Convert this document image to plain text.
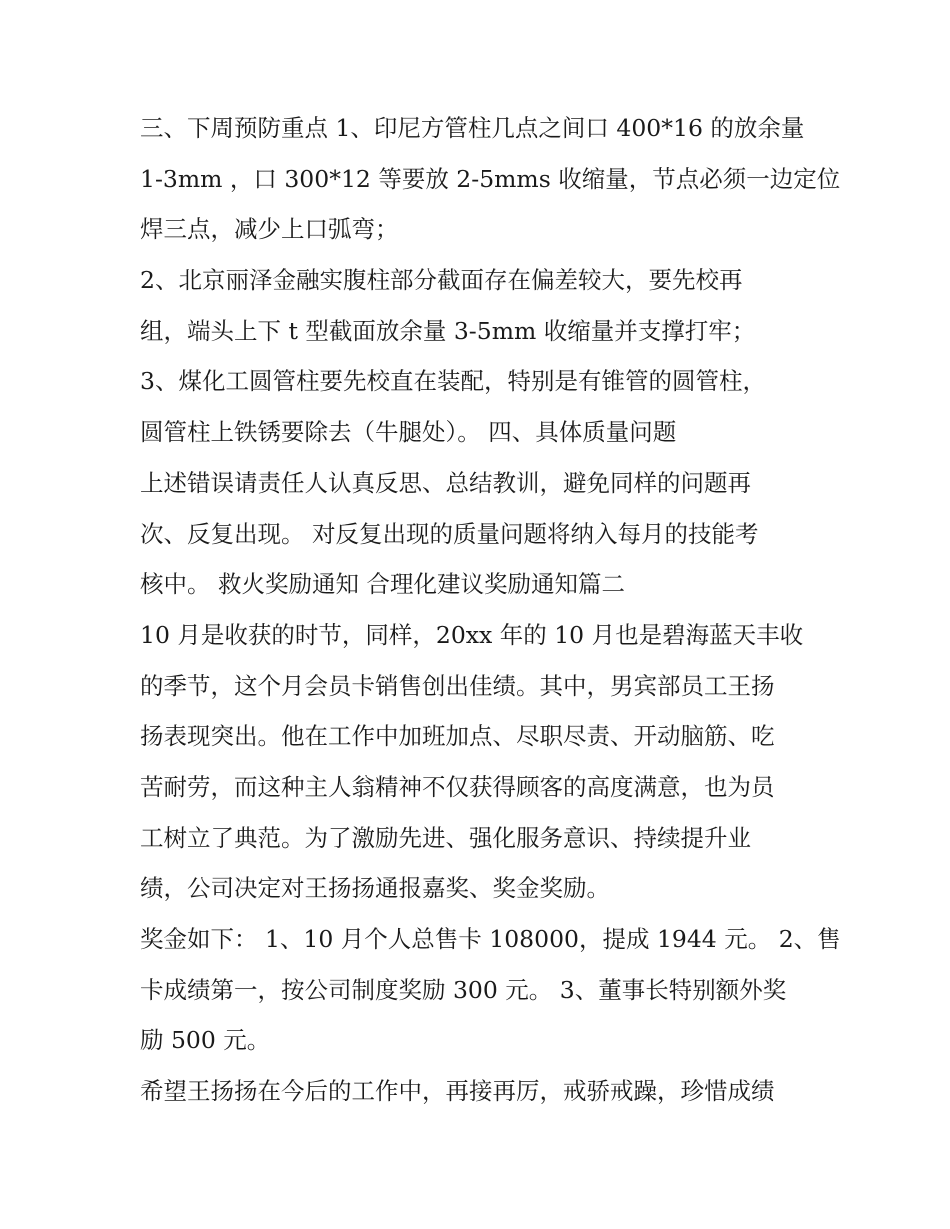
三、下周预防重点 1、印尼方管柱几点之间口 400*16 的放余量

1-3mm ，口 300*12 等要放 2-5mms 收缩量，节点必须一边定位

焊三点，减少上口弧弯；

2、北京丽泽金融实腹柱部分截面存在偏差较大，要先校再

组，端头上下 t 型截面放余量 3-5mm 收缩量并支撑打牢；

3、煤化工圆管柱要先校直在装配，特别是有锥管的圆管柱，

圆管柱上铁锈要除去（牛腿处）。 四、具体质量问题

上述错误请责任人认真反思、总结教训，避免同样的问题再

次、反复出现。 对反复出现的质量问题将纳入每月的技能考

核中。 救火奖励通知 合理化建议奖励通知篇二

10 月是收获的时节，同样，20xx 年的 10 月也是碧海蓝天丰收

的季节，这个月会员卡销售创出佳绩。其中，男宾部员工王扬

扬表现突出。他在工作中加班加点、尽职尽责、开动脑筋、吃

苦耐劳，而这种主人翁精神不仅获得顾客的高度满意，也为员

工树立了典范。为了激励先进、强化服务意识、持续提升业

绩，公司决定对王扬扬通报嘉奖、奖金奖励。

奖金如下： 1、10 月个人总售卡 108000，提成 1944 元。 2、售

卡成绩第一，按公司制度奖励 300 元。 3、董事长特别额外奖

励 500 元。

希望王扬扬在今后的工作中，再接再厉，戒骄戒躁，珍惜成绩
